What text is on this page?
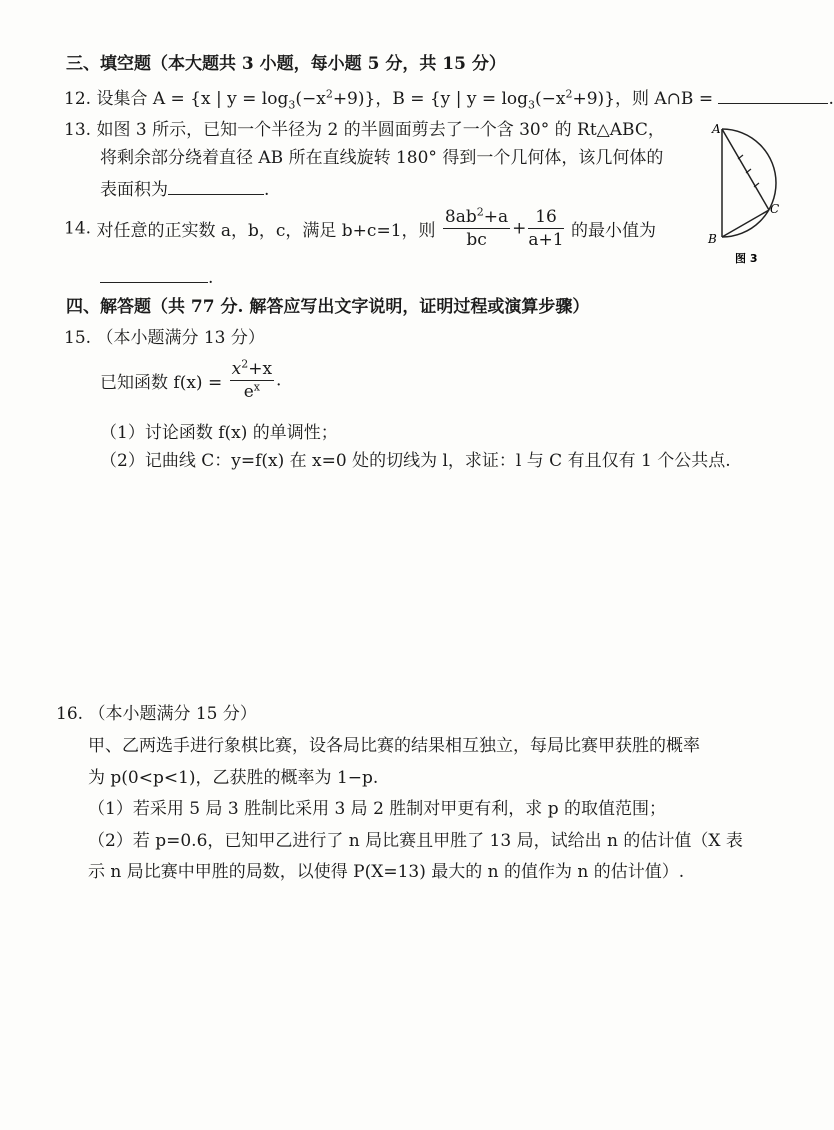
三、填空题（本大题共 3 小题，每小题 5 分，共 15 分）
12. 设集合 A = {x | $y = \log_3(-x^2+9)$}，B = {y | $y = \log_3(-x^2+9)$}，则 A∩B =	.
13. 如图 3 所示，已知一个半径为 2 的半圆面剪去了一个含 30° 的 Rt△ABC，
将剩余部分绕着直径 AB 所在直线旋转 180° 得到一个几何体，该几何体的
表面积为	.
14. 对任意的正实数 a，b，c，满足 b+c=1，则 $\frac{8ab^2+a}{bc} + \frac{16}{a+1}$ 的最小值为
.
A
B
C
图 3
四、解答题（共 77 分. 解答应写出文字说明，证明过程或演算步骤）
15. （本小题满分 13 分）
已知函数 $f(x) = \frac{x^2+x}{e^x}$ .
（1）讨论函数 f(x) 的单调性；
（2）记曲线 C：y=f(x) 在 x=0 处的切线为 l，求证：l 与 C 有且仅有 1 个公共点.
16. （本小题满分 15 分）
甲、乙两选手进行象棋比赛，设各局比赛的结果相互独立，每局比赛甲获胜的概率
为 p(0<p<1)，乙获胜的概率为 1−p.
（1）若采用 5 局 3 胜制比采用 3 局 2 胜制对甲更有利，求 p 的取值范围；
（2）若 p=0.6，已知甲乙进行了 n 局比赛且甲胜了 13 局，试给出 n 的估计值（X 表
示 n 局比赛中甲胜的局数，以使得 P(X=13) 最大的 n 的值作为 n 的估计值）.
